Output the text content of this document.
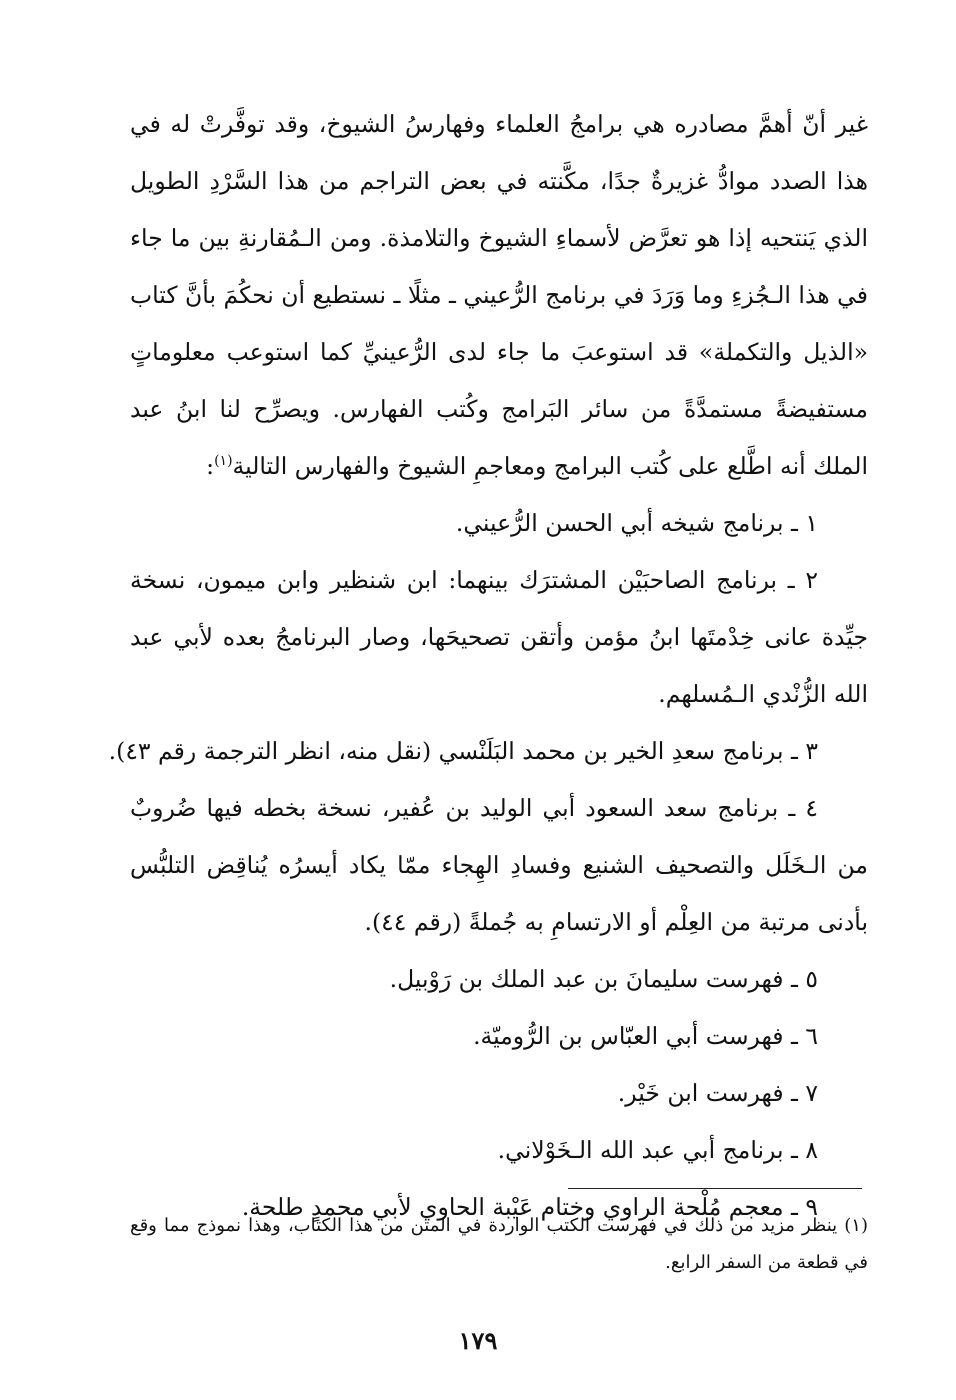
غير أنّ أهمَّ مصادره هي برامجُ العلماء وفهارسُ الشيوخ، وقد توفَّرتْ له في هذا الصدد موادُّ غزيرةٌ جدًا، مكَّنته في بعض التراجم من هذا السَّرْدِ الطويل الذي يَنتحيه إذا هو تعرَّض لأسماءِ الشيوخ والتلامذة. ومن الـمُقارنةِ بين ما جاء في هذا الـجُزءِ وما وَرَدَ في برنامج الرُّعيني ـ مثلًا ـ نستطيع أن نحكُمَ بأنَّ كتاب «الذيل والتكملة» قد استوعبَ ما جاء لدى الرُّعينيِّ كما استوعب معلوماتٍ مستفيضةً مستمدَّةً من سائر البَرامج وكُتب الفهارس. ويصرِّح لنا ابنُ عبد الملك أنه اطَّلع على كُتب البرامج ومعاجمِ الشيوخ والفهارس التالية$^{(١)}$:

١ ـ برنامج شيخه أبي الحسن الرُّعيني.

٢ ـ برنامج الصاحبَيْن المشترَك بينهما: ابن شنظير وابن ميمون، نسخة جيِّدة عانى خِدْمتَها ابنُ مؤمن وأتقن تصحيحَها، وصار البرنامجُ بعده لأبي عبد الله الزُّنْدي الـمُسلهم.

٣ ـ برنامج سعدِ الخير بن محمد البَلَنْسي (نقل منه، انظر الترجمة رقم ٤٣).

٤ ـ برنامج سعد السعود أبي الوليد بن عُفير، نسخة بخطه فيها ضُروبٌ من الـخَلَل والتصحيف الشنيع وفسادِ الهِجاء ممّا يكاد أيسرُه يُناقِض التلبُّس بأدنى مرتبة من العِلْم أو الارتسامِ به جُملةً (رقم ٤٤).

٥ ـ فهرست سليمانَ بن عبد الملك بن رَوْبيل.

٦ ـ فهرست أبي العبّاس بن الرُّوميّة.

٧ ـ فهرست ابن خَيْر.

٨ ـ برنامج أبي عبد الله الـخَوْلاني.

٩ ـ معجم مُلْحة الراوي وختام عَيْبة الحاوي لأبي محمدٍ طلحة.

(١) ينظر مزيد من ذلك في فهرست الكتب الواردة في المتن من هذا الكتاب، وهذا نموذج مما وقع في قطعة من السفر الرابع.

١٧٩
